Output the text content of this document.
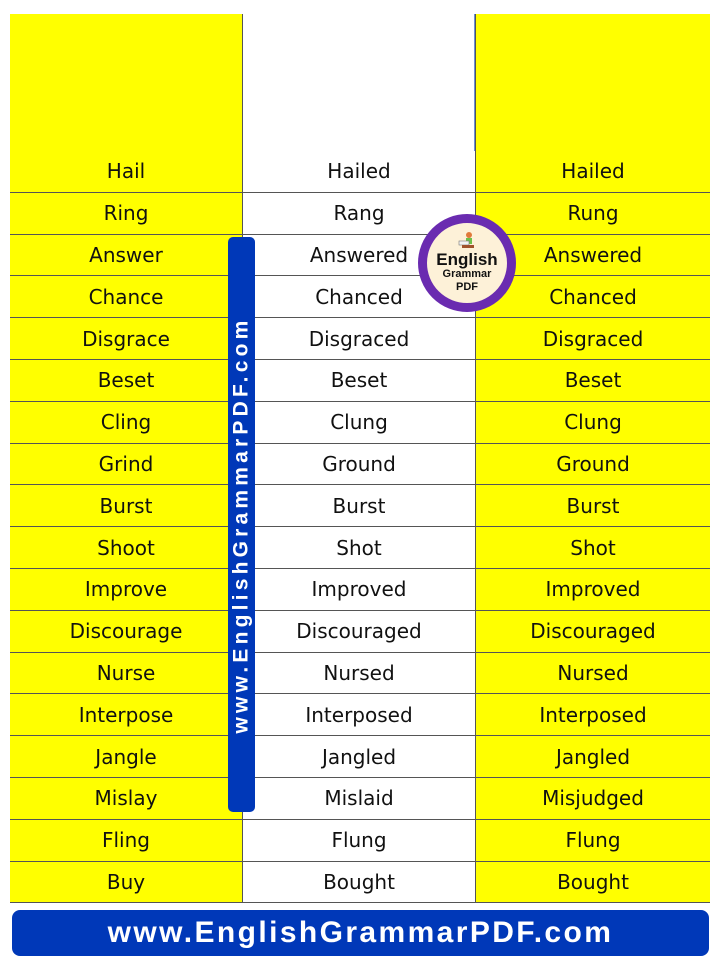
Present
Tense
Past
Tense
Past
Participle
Hail	Hailed	Hailed
Ring	Rang	Rung
Answer	Answered	Answered
Chance	Chanced	Chanced
Disgrace	Disgraced	Disgraced
Beset	Beset	Beset
Cling	Clung	Clung
Grind	Ground	Ground
Burst	Burst	Burst
Shoot	Shot	Shot
Improve	Improved	Improved
Discourage	Discouraged	Discouraged
Nurse	Nursed	Nursed
Interpose	Interposed	Interposed
Jangle	Jangled	Jangled
Mislay	Mislaid	Misjudged
Fling	Flung	Flung
Buy	Bought	Bought
www.EnglishGrammarPDF.com
English
Grammar
PDF
www.EnglishGrammarPDF.com
